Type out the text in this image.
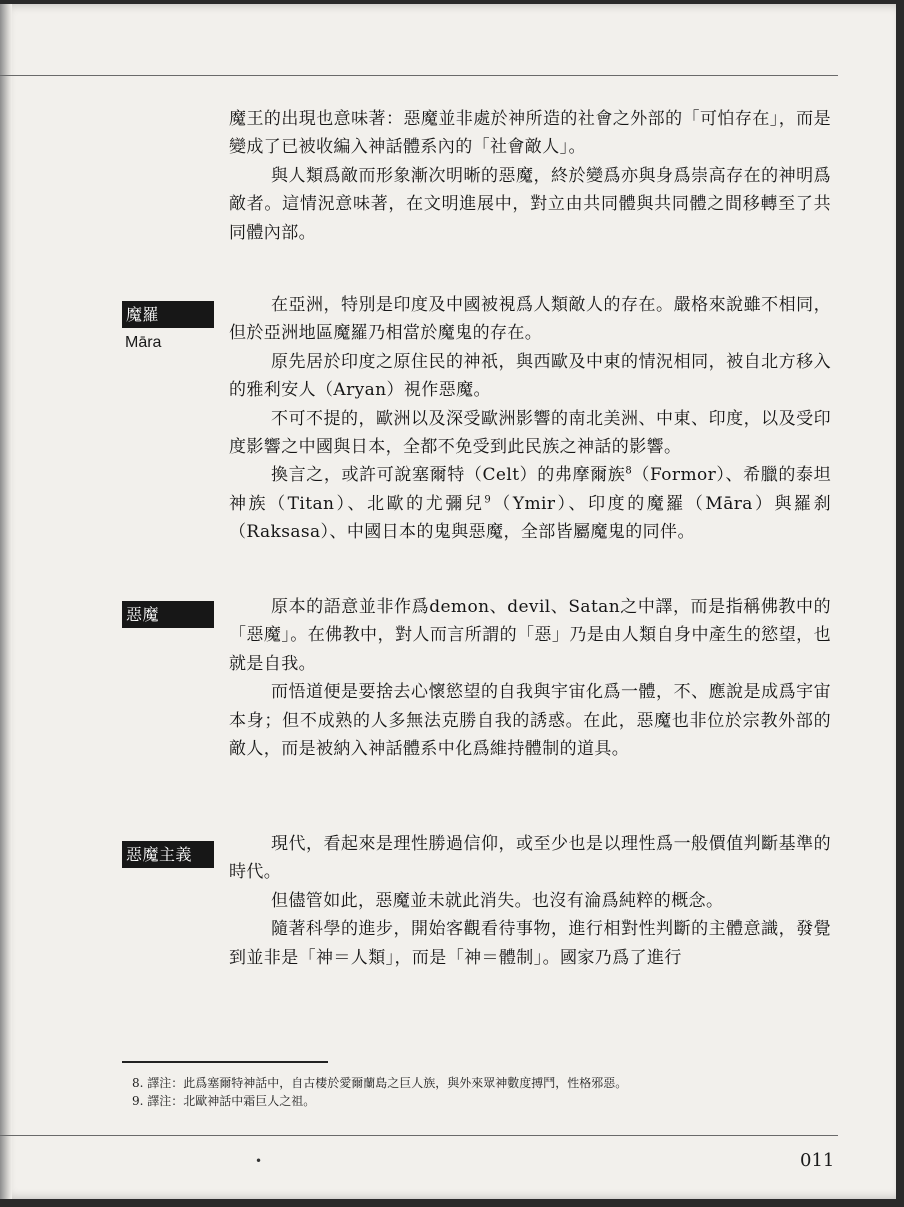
魔王的出現也意味著：惡魔並非處於神所造的社會之外部的「可怕存在」，而是變成了已被收編入神話體系內的「社會敵人」。

與人類爲敵而形象漸次明晰的惡魔，終於變爲亦與身爲崇高存在的神明爲敵者。這情況意味著，在文明進展中，對立由共同體與共同體之間移轉至了共同體內部。

魔羅
Māra

在亞洲，特別是印度及中國被視爲人類敵人的存在。嚴格來說雖不相同，但於亞洲地區魔羅乃相當於魔鬼的存在。

原先居於印度之原住民的神祇，與西歐及中東的情況相同，被自北方移入的雅利安人（Aryan）視作惡魔。

不可不提的，歐洲以及深受歐洲影響的南北美洲、中東、印度，以及受印度影響之中國與日本，全都不免受到此民族之神話的影響。

換言之，或許可說塞爾特（Celt）的弗摩爾族$^8$（Formor）、希臘的泰坦神族（Titan）、北歐的尤彌兒$^9$（Ymir）、印度的魔羅（Māra）與羅刹（Raksasa）、中國日本的鬼與惡魔，全部皆屬魔鬼的同伴。

惡魔	原本的語意並非作爲demon、devil、Satan之中譯，而是指稱佛教中的「惡魔」。在佛教中，對人而言所謂的「惡」乃是由人類自身中產生的慾望，也就是自我。

而悟道便是要捨去心懷慾望的自我與宇宙化爲一體，不、應說是成爲宇宙本身；但不成熟的人多無法克勝自我的誘惑。在此，惡魔也非位於宗教外部的敵人，而是被納入神話體系中化爲維持體制的道具。

惡魔主義

現代，看起來是理性勝過信仰，或至少也是以理性爲一般價值判斷基準的時代。

但儘管如此，惡魔並未就此消失。也沒有淪爲純粹的概念。

隨著科學的進步，開始客觀看待事物，進行相對性判斷的主體意識，發覺到並非是「神＝人類」，而是「神＝體制」。國家乃爲了進行

8. 譯注：此爲塞爾特神話中，自古棲於愛爾蘭島之巨人族，與外來眾神數度搏鬥，性格邪惡。
9. 譯注：北歐神話中霜巨人之祖。
•	011
